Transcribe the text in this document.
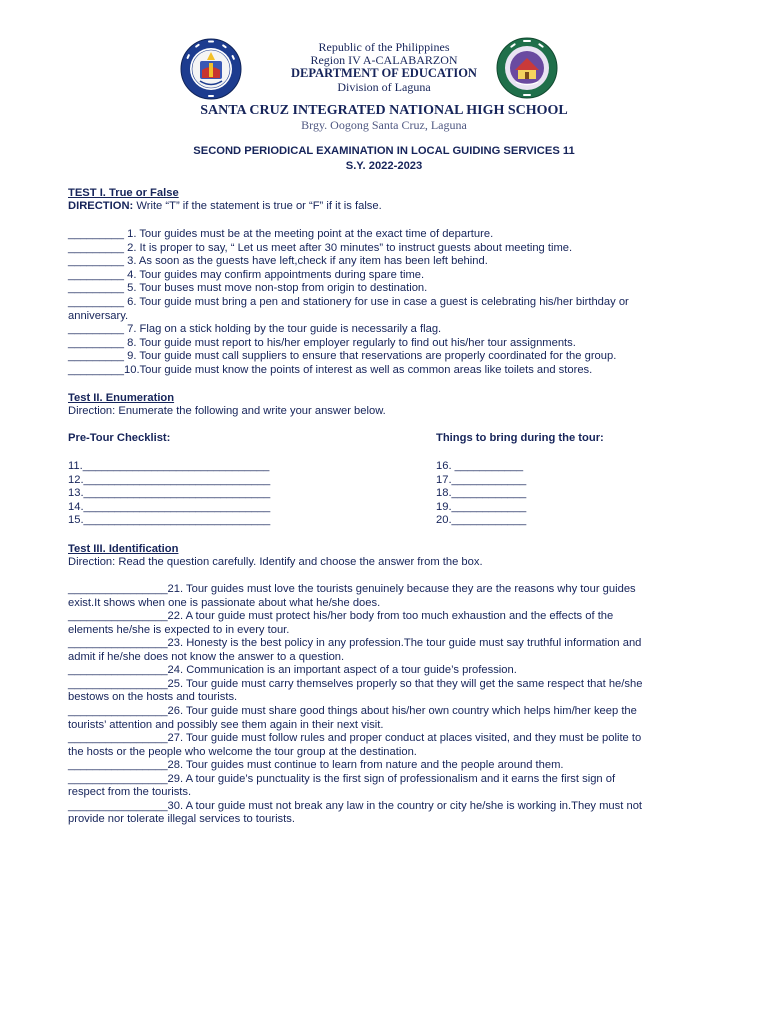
Republic of the Philippines
Region IV A-CALABARZON
DEPARTMENT OF EDUCATION
Division of Laguna
SANTA CRUZ INTEGRATED NATIONAL HIGH SCHOOL
Brgy. Oogong Santa Cruz, Laguna
SECOND PERIODICAL EXAMINATION IN LOCAL GUIDING SERVICES 11
S.Y. 2022-2023
TEST I. True or False
DIRECTION: Write “T” if the statement is true or “F” if it is false.
_________ 1. Tour guides must be at the meeting point at the exact time of departure.
_________ 2. It is proper to say, “ Let us meet after 30 minutes” to instruct guests about meeting time.
_________ 3. As soon as the guests have left,check if any item has been left behind.
_________ 4. Tour guides may confirm appointments during spare time.
_________ 5. Tour buses must move non-stop from origin to destination.
_________ 6. Tour guide must bring a pen and stationery for use in case a guest is celebrating his/her birthday or
anniversary.
_________ 7. Flag on a stick holding by the tour guide is necessarily a flag.
_________ 8. Tour guide must report to his/her employer regularly to find out his/her tour assignments.
_________ 9. Tour guide must call suppliers to ensure that reservations are properly coordinated for the group.
_________10.Tour guide must know the points of interest as well as common areas like toilets and stores.
Test II. Enumeration
Direction: Enumerate the following and write your answer below.
Pre-Tour Checklist:	Things to bring during the tour:
11.______________________________
12.______________________________
13.______________________________
14.______________________________
15.______________________________
16. ___________
17.____________
18.____________
19.____________
20.____________
Test III. Identification
Direction: Read the question carefully. Identify and choose the answer from the box.
________________21. Tour guides must love the tourists genuinely because they are the reasons why tour guides
exist.It shows when one is passionate about what he/she does.
________________22. A tour guide must protect his/her body from too much exhaustion and the effects of the
elements he/she is expected to in every tour.
________________23. Honesty is the best policy in any profession.The tour guide must say truthful information and
admit if he/she does not know the answer to a question.
________________24. Communication is an important aspect of a tour guide’s profession.
________________25. Tour guide must carry themselves properly so that they will get the same respect that he/she
bestows on the hosts and tourists.
________________26. Tour guide must share good things about his/her own country which helps him/her keep the
tourists’ attention and possibly see them again in their next visit.
________________27. Tour guide must follow rules and proper conduct at places visited, and they must be polite to
the hosts or the people who welcome the tour group at the destination.
________________28. Tour guides must continue to learn from nature and the people around them.
________________29. A tour guide’s punctuality is the first sign of professionalism and it earns the first sign of
respect from the tourists.
________________30. A tour guide must not break any law in the country or city he/she is working in.They must not
provide nor tolerate illegal services to tourists.
